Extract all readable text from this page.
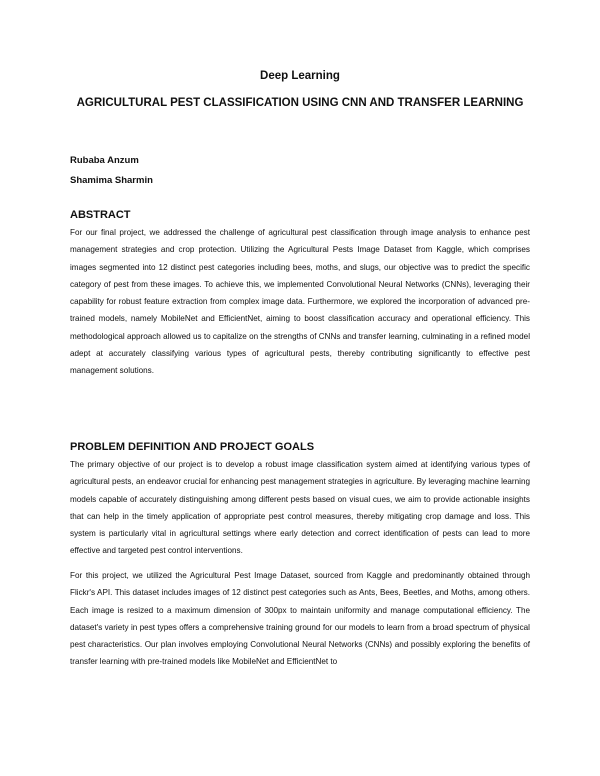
Deep Learning
AGRICULTURAL PEST CLASSIFICATION USING CNN AND TRANSFER LEARNING
Rubaba Anzum
Shamima Sharmin
ABSTRACT

For our final project, we addressed the challenge of agricultural pest classification through image analysis to enhance pest management strategies and crop protection. Utilizing the Agricultural Pests Image Dataset from Kaggle, which comprises images segmented into 12 distinct pest categories including bees, moths, and slugs, our objective was to predict the specific category of pest from these images. To achieve this, we implemented Convolutional Neural Networks (CNNs), leveraging their capability for robust feature extraction from complex image data. Furthermore, we explored the incorporation of advanced pre-trained models, namely MobileNet and EfficientNet, aiming to boost classification accuracy and operational efficiency. This methodological approach allowed us to capitalize on the strengths of CNNs and transfer learning, culminating in a refined model adept at accurately classifying various types of agricultural pests, thereby contributing significantly to effective pest management solutions.

PROBLEM DEFINITION AND PROJECT GOALS

The primary objective of our project is to develop a robust image classification system aimed at identifying various types of agricultural pests, an endeavor crucial for enhancing pest management strategies in agriculture. By leveraging machine learning models capable of accurately distinguishing among different pests based on visual cues, we aim to provide actionable insights that can help in the timely application of appropriate pest control measures, thereby mitigating crop damage and loss. This system is particularly vital in agricultural settings where early detection and correct identification of pests can lead to more effective and targeted pest control interventions.

For this project, we utilized the Agricultural Pest Image Dataset, sourced from Kaggle and predominantly obtained through Flickr's API. This dataset includes images of 12 distinct pest categories such as Ants, Bees, Beetles, and Moths, among others. Each image is resized to a maximum dimension of 300px to maintain uniformity and manage computational efficiency. The dataset's variety in pest types offers a comprehensive training ground for our models to learn from a broad spectrum of physical pest characteristics. Our plan involves employing Convolutional Neural Networks (CNNs) and possibly exploring the benefits of transfer learning with pre-trained models like MobileNet and EfficientNet to
